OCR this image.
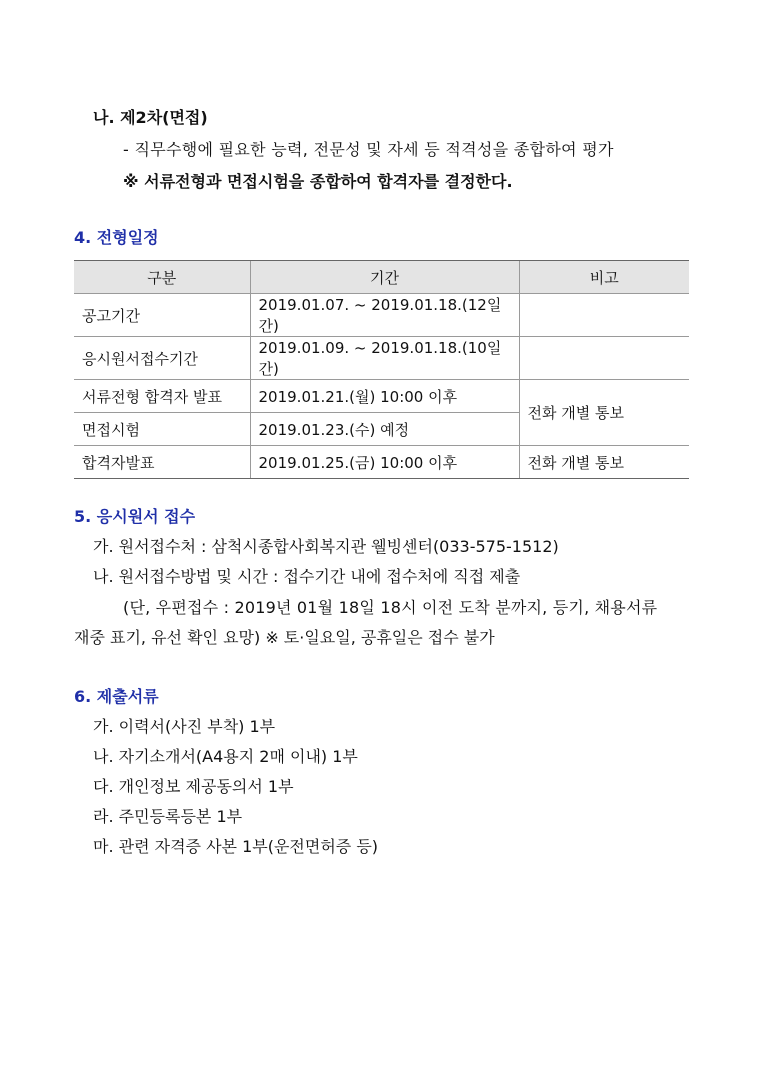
나. 제2차(면접)
- 직무수행에 필요한 능력, 전문성 및 자세 등 적격성을 종합하여 평가
※ 서류전형과 면접시험을 종합하여 합격자를 결정한다.
4. 전형일정
구분	기간	비고
공고기간	2019.01.07. ~ 2019.01.18.(12일간)	
응시원서접수기간	2019.01.09. ~ 2019.01.18.(10일간)	
서류전형 합격자 발표	2019.01.21.(월) 10:00 이후	전화 개별 통보
면접시험	2019.01.23.(수) 예정	
합격자발표	2019.01.25.(금) 10:00 이후	전화 개별 통보
5. 응시원서 접수
가. 원서접수처 : 삼척시종합사회복지관 웰빙센터(033-575-1512)
나. 원서접수방법 및 시간 : 접수기간 내에 접수처에 직접 제출
(단, 우편접수 : 2019년 01월 18일 18시 이전 도착 분까지, 등기, 채용서류
재중 표기, 유선 확인 요망) ※ 토·일요일, 공휴일은 접수 불가
6. 제출서류
가. 이력서(사진 부착) 1부
나. 자기소개서(A4용지 2매 이내) 1부
다. 개인정보 제공동의서 1부
라. 주민등록등본 1부
마. 관련 자격증 사본 1부(운전면허증 등)
